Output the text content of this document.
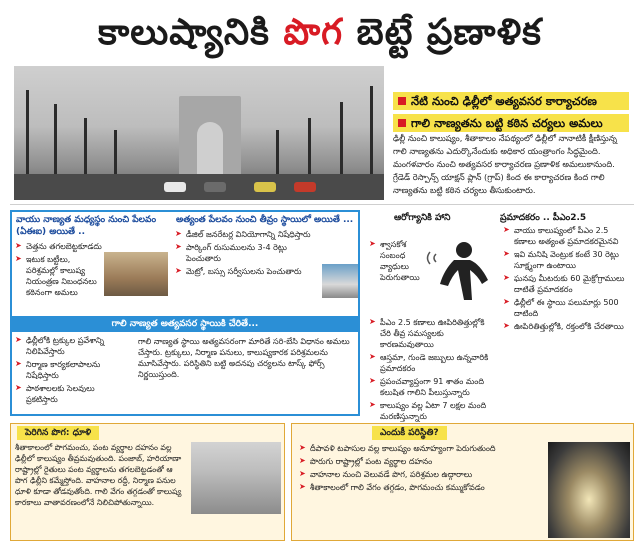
కాలుష్యానికి పొగ బెట్టే ప్రణాళిక
నేటి నుంచి ఢిల్లీలో అత్యవసర కార్యాచరణ
గాలి నాణ్యతను బట్టి కఠిన చర్యలు అమలు
ఢిల్లీ నుంచి కాలుష్యం, శీతాకాలం నేపథ్యంలో ఢిల్లీలో నానాటికీ క్షీణిస్తున్న గాలి నాణ్యతను ఎదుర్కొనేందుకు అధికార యంత్రాంగం సిద్ధమైంది. మంగళవారం నుంచి అత్యవసర కార్యాచరణ ప్రణాళిక అమలుకానుంది. గ్రేడెడ్ రెస్పాన్స్ యాక్షన్ ప్లాన్ (గ్రాప్) కింద ఈ కార్యాచరణ కింద గాలి నాణ్యతను బట్టి కఠిన చర్యలు తీసుకుంటారు.
వాయు నాణ్యత మధ్యస్థం నుంచి పేలవం (ఏఈఐ) అయితే ..
➤ చెత్తను తగలబెట్టకూడదు
➤ ఇటుక బట్టీలు, పరిశ్రమల్లో కాలుష్య నియంత్రణ నిబంధనలు కఠినంగా అమలు
అత్యంత పేలవం నుంచి తీవ్రం స్థాయిలో అయితే ...
➤ డీజిల్ జనరేటర్ల వినియోగాన్ని నిషేధిస్తారు
➤ పార్కింగ్ రుసుములను 3-4 రెట్లు పెంచుతారు
➤ మెట్రో, బస్సు సర్వీసులను పెంచుతారు
గాలి నాణ్యత అత్యవసర స్థాయికి చేరితే...
➤ ఢిల్లీలోకి ట్రక్కుల ప్రవేశాన్ని నిలిపివేస్తారు
➤ నిర్మాణ కార్యకలాపాలను నిషేధిస్తారు
➤ పాఠశాలలకు సెలవులు ప్రకటిస్తారు
గాలి నాణ్యత స్థాయి అత్యవసరంగా మారితే సరి-బేసి విధానం అమలు చేస్తారు. ట్రక్కులు, నిర్మాణ పనులు, కాలుష్యకారక పరిశ్రమలను మూసివేస్తారు. పరిస్థితిని బట్టి అదనపు చర్యలను టాస్క్ ఫోర్స్ నిర్ణయిస్తుంది.
ఆరోగ్యానికి హాని
➤ శ్వాసకోశ సంబంధ వ్యాధులు పెరుగుతాయి
➤ పీఎం 2.5 కణాలు ఊపిరితిత్తుల్లోకి చేరి తీవ్ర సమస్యలకు కారణమవుతాయి
➤ ఆస్తమా, గుండె జబ్బులు ఉన్నవారికి ప్రమాదకరం
➤ ప్రపంచవ్యాప్తంగా 91 శాతం మంది కలుషిత గాలిని పీలుస్తున్నారు
➤ కాలుష్యం వల్ల ఏటా 7 లక్షల మంది మరణిస్తున్నారు
ప్రమాదకరం .. పీఎం2.5
➤ వాయు కాలుష్యంలో పీఎం 2.5 కణాలు అత్యంత ప్రమాదకరమైనవి
➤ ఇవి మనిషి వెంట్రుక కంటే 30 రెట్లు సూక్ష్మంగా ఉంటాయి
➤ ఘనపు మీటరుకు 60 మైక్రోగ్రాములు దాటితే ప్రమాదకరం
➤ ఢిల్లీలో ఈ స్థాయి పలుమార్లు 500 దాటింది
➤ ఊపిరితిత్తుల్లోకి, రక్తంలోకి చేరతాయి
పెరిగిన పొగ: ధూళి
శీతాకాలంలో పొగమంచు, పంట వ్యర్థాల దహనం వల్ల ఢిల్లీలో కాలుష్యం తీవ్రమవుతుంది. పంజాబ్, హరియాణా రాష్ట్రాల్లో రైతులు పంట వ్యర్థాలను తగలబెట్టడంతో ఆ పొగ ఢిల్లీని కమ్మేస్తోంది. వాహనాల రద్దీ, నిర్మాణ పనుల ధూళి కూడా తోడవుతోంది. గాలి వేగం తగ్గడంతో కాలుష్య కారకాలు వాతావరణంలోనే నిలిచిపోతున్నాయి.
ఎందుకీ పరిస్థితి?
➤ దీపావళి టపాసుల వల్ల కాలుష్యం అనూహ్యంగా పెరుగుతుంది
➤ పొరుగు రాష్ట్రాల్లో పంట వ్యర్థాల దహనం
➤ వాహనాల నుంచి వెలువడే పొగ, పరిశ్రమల ఉద్గారాలు
➤ శీతాకాలంలో గాలి వేగం తగ్గడం, పొగమంచు కమ్ముకోవడం
